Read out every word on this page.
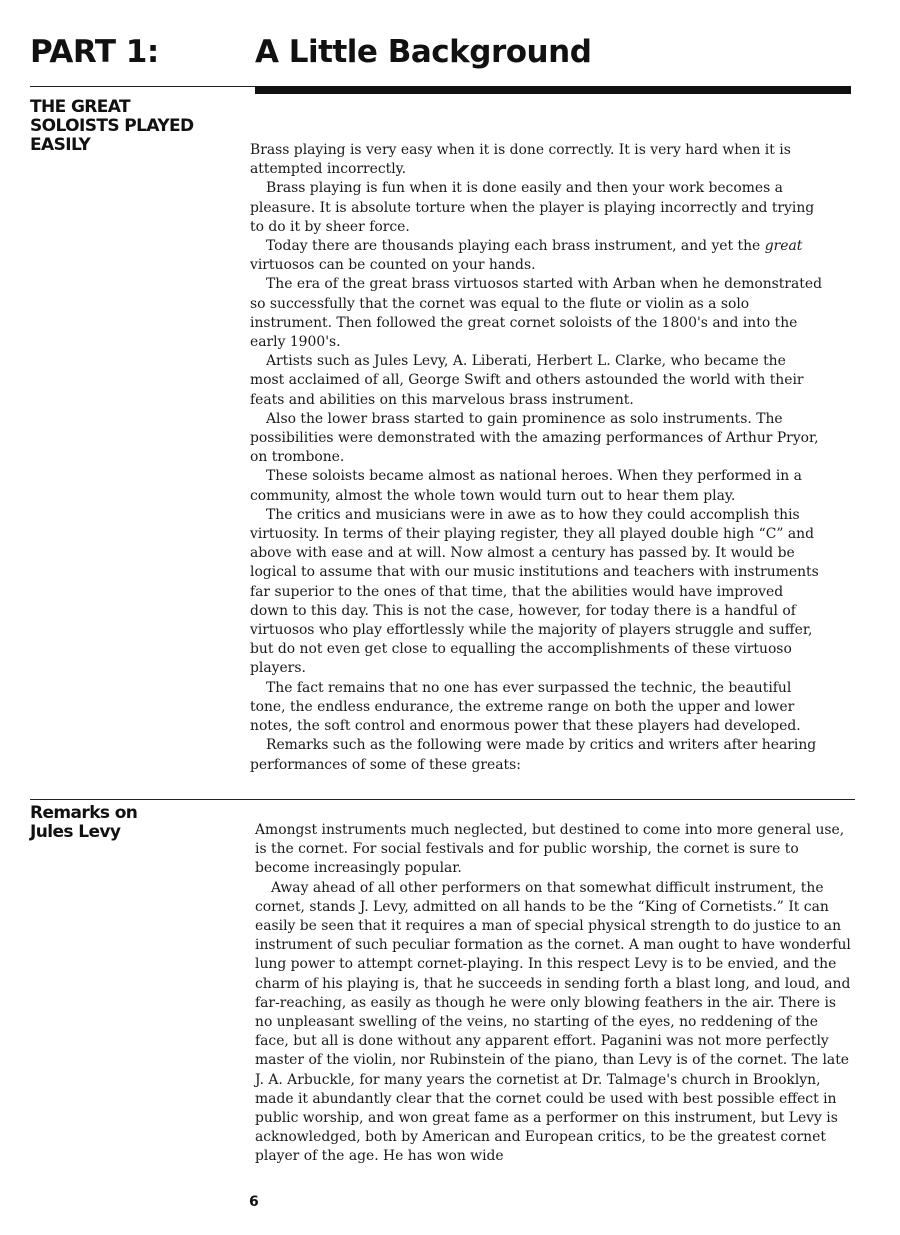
PART 1:	A Little Background
THE GREAT
SOLOISTS PLAYED
EASILY	Brass playing is very easy when it is done correctly. It is very hard when it is attempted incorrectly.

Brass playing is fun when it is done easily and then your work becomes a pleasure. It is absolute torture when the player is playing incorrectly and trying to do it by sheer force.

Today there are thousands playing each brass instrument, and yet the great virtuosos can be counted on your hands.

The era of the great brass virtuosos started with Arban when he demonstrated so successfully that the cornet was equal to the flute or violin as a solo instrument. Then followed the great cornet soloists of the 1800's and into the early 1900's.

Artists such as Jules Levy, A. Liberati, Herbert L. Clarke, who became the most acclaimed of all, George Swift and others astounded the world with their feats and abilities on this marvelous brass instrument.

Also the lower brass started to gain prominence as solo instruments. The possibilities were demonstrated with the amazing performances of Arthur Pryor, on trombone.

These soloists became almost as national heroes. When they performed in a community, almost the whole town would turn out to hear them play.

The critics and musicians were in awe as to how they could accomplish this virtuosity. In terms of their playing register, they all played double high “C” and above with ease and at will. Now almost a century has passed by. It would be logical to assume that with our music institutions and teachers with instruments far superior to the ones of that time, that the abilities would have improved down to this day. This is not the case, however, for today there is a handful of virtuosos who play effortlessly while the majority of players struggle and suffer, but do not even get close to equalling the accomplishments of these virtuoso players.

The fact remains that no one has ever surpassed the technic, the beautiful tone, the endless endurance, the extreme range on both the upper and lower notes, the soft control and enormous power that these players had developed.

Remarks such as the following were made by critics and writers after hearing performances of some of these greats:

Remarks on
Jules Levy	Amongst instruments much neglected, but destined to come into more general use, is the cornet. For social festivals and for public worship, the cornet is sure to become increasingly popular.

Away ahead of all other performers on that somewhat difficult instrument, the cornet, stands J. Levy, admitted on all hands to be the “King of Cornetists.” It can easily be seen that it requires a man of special physical strength to do justice to an instrument of such peculiar formation as the cornet. A man ought to have wonderful lung power to attempt cornet-playing. In this respect Levy is to be envied, and the charm of his playing is, that he succeeds in sending forth a blast long, and loud, and far-reaching, as easily as though he were only blowing feathers in the air. There is no unpleasant swelling of the veins, no starting of the eyes, no reddening of the face, but all is done without any apparent effort. Paganini was not more perfectly master of the violin, nor Rubinstein of the piano, than Levy is of the cornet. The late J. A. Arbuckle, for many years the cornetist at Dr. Talmage's church in Brooklyn, made it abundantly clear that the cornet could be used with best possible effect in public worship, and won great fame as a performer on this instrument, but Levy is acknowledged, both by American and European critics, to be the greatest cornet player of the age. He has won wide

6
